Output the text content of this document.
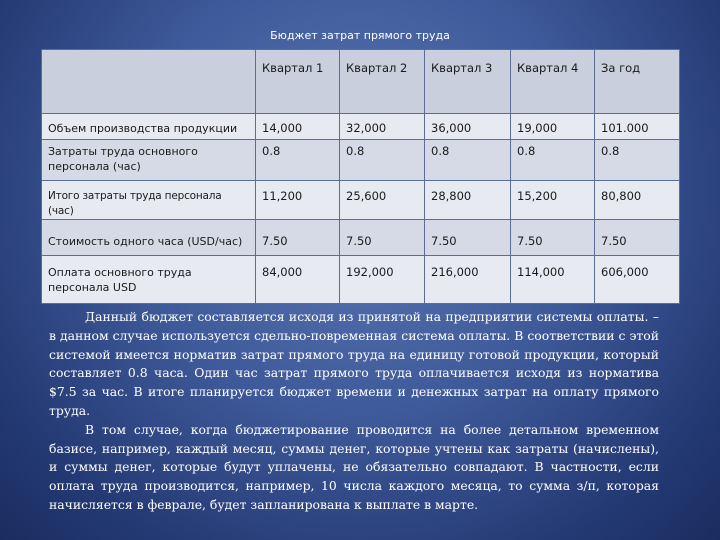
Бюджет затрат прямого труда
	Квартал 1	Квартал 2	Квартал 3	Квартал 4	За год
Объем производства продукции	14,000	32,000	36,000	19,000	101.000
Затраты труда основного персонала (час)	0.8	0.8	0.8	0.8	0.8
Итого затраты труда персонала (час)	11,200	25,600	28,800	15,200	80,800
Стоимость одного часа (USD/час)	7.50	7.50	7.50	7.50	7.50
Оплата основного труда персонала USD	84,000	192,000	216,000	114,000	606,000

Данный бюджет составляется исходя из принятой на предприятии системы оплаты. – в данном случае используется сдельно-повременная система оплаты. В соответствии с этой системой имеется норматив затрат прямого труда на единицу готовой продукции, который составляет 0.8 часа. Один час затрат прямого труда оплачивается исходя из норматива $7.5 за час. В итоге планируется бюджет времени и денежных затрат на оплату прямого труда.

В том случае, когда бюджетирование проводится на более детальном временном базисе, например, каждый месяц, суммы денег, которые учтены как затраты (начислены), и суммы денег, которые будут уплачены, не обязательно совпадают. В частности, если оплата труда производится, например, 10 числа каждого месяца, то сумма з/п, которая начисляется в феврале, будет запланирована к выплате в марте.
